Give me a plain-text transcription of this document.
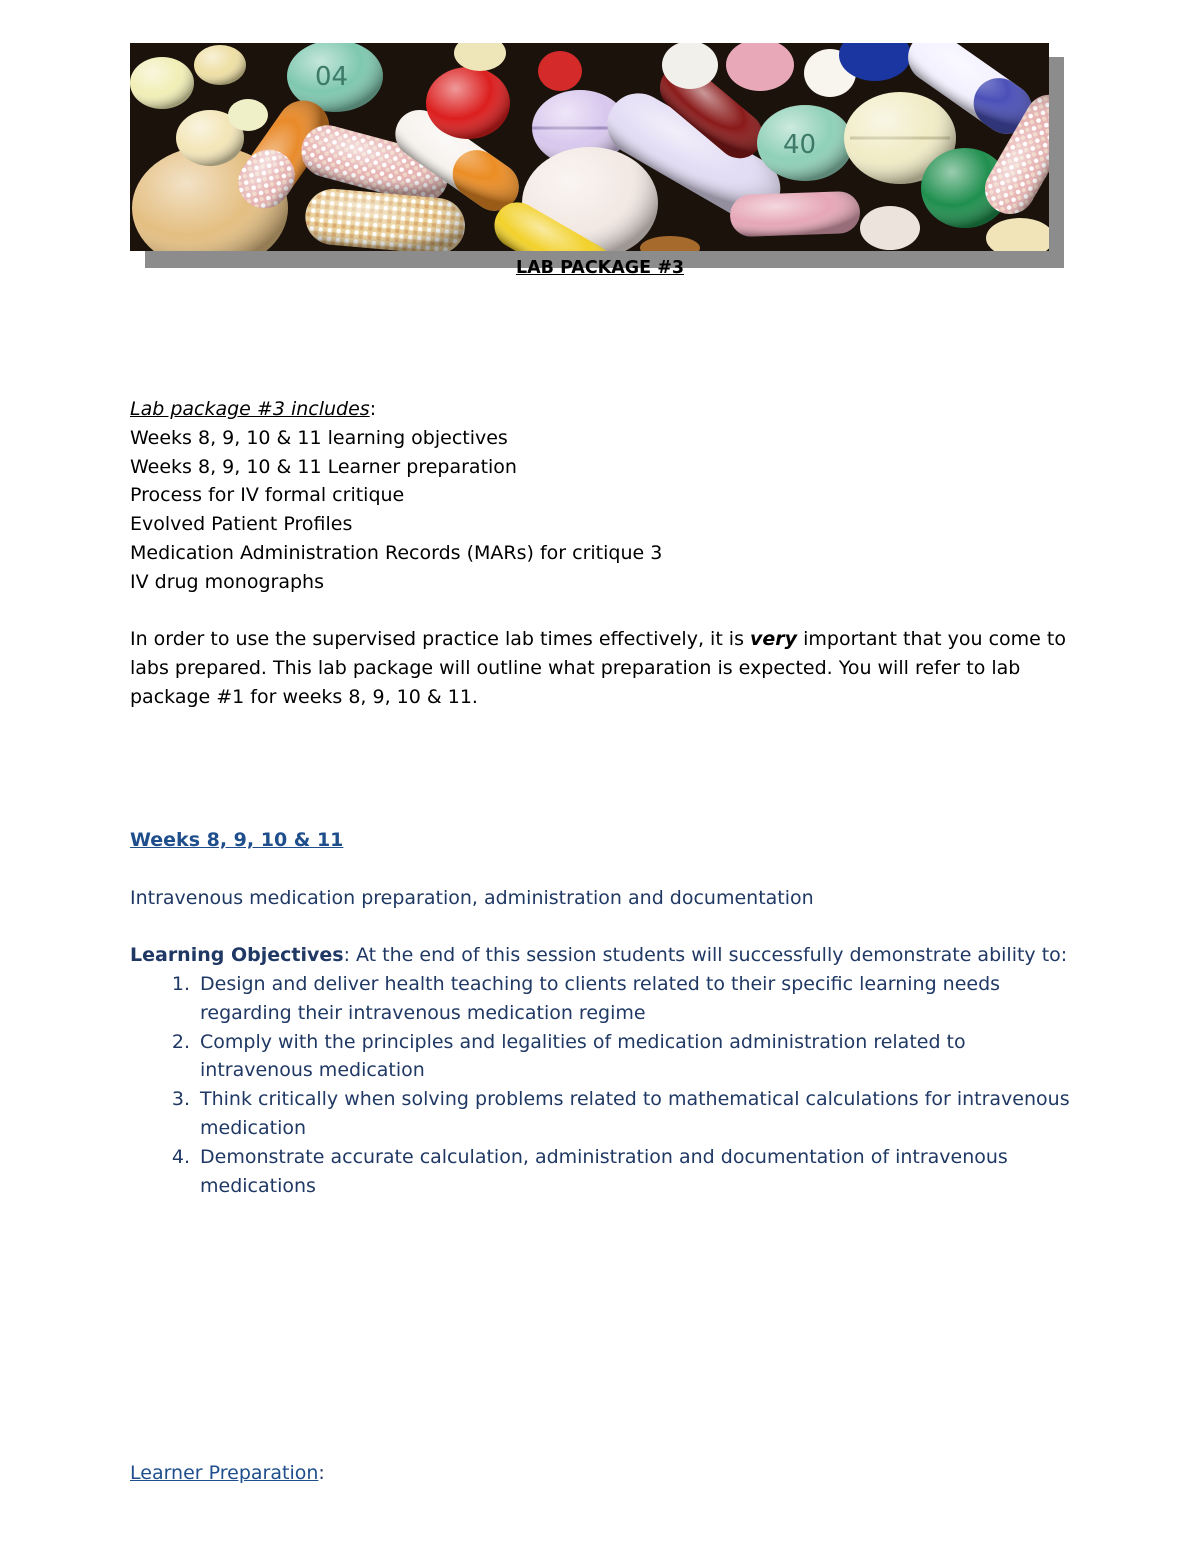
04
40
LAB PACKAGE #3
Lab package #3 includes:
Weeks 8, 9, 10 & 11 learning objectives
Weeks 8, 9, 10 & 11 Learner preparation
Process for IV formal critique
Evolved Patient Profiles
Medication Administration Records (MARs) for critique 3
IV drug monographs

In order to use the supervised practice lab times effectively, it is very important that you come to labs prepared. This lab package will outline what preparation is expected. You will refer to lab package #1 for weeks 8, 9, 10 & 11.

Weeks 8, 9, 10 & 11
Intravenous medication preparation, administration and documentation
Learning Objectives: At the end of this session students will successfully demonstrate ability to:
1. Design and deliver health teaching to clients related to their specific learning needs regarding their intravenous medication regime
2. Comply with the principles and legalities of medication administration related to intravenous medication
3. Think critically when solving problems related to mathematical calculations for intravenous medication
4. Demonstrate accurate calculation, administration and documentation of intravenous medications
Learner Preparation:
